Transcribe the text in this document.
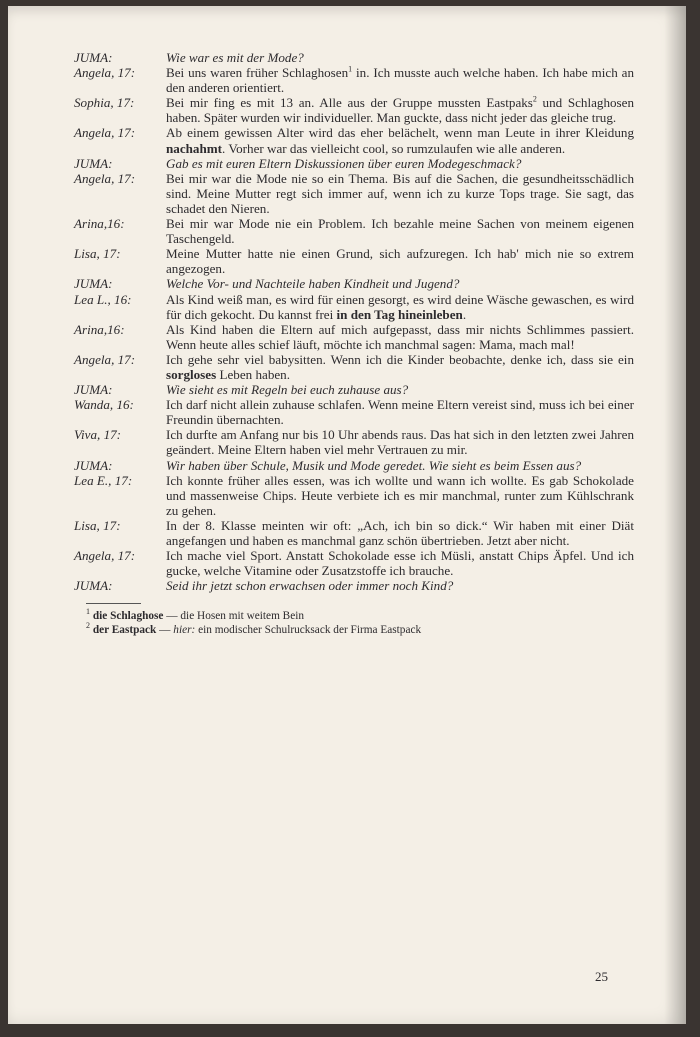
JUMA:	Wie war es mit der Mode?
Angela, 17:	Bei uns waren früher Schlaghosen$^1$ in. Ich musste auch welche haben. Ich habe mich an den anderen orientiert.
Sophia, 17:	Bei mir fing es mit 13 an. Alle aus der Gruppe mussten Eastpaks$^2$ und Schlaghosen haben. Später wurden wir individueller. Man guckte, dass nicht jeder das gleiche trug.
Angela, 17:	Ab einem gewissen Alter wird das eher belächelt, wenn man Leute in ihrer Kleidung nachahmt. Vorher war das vielleicht cool, so rumzulaufen wie alle anderen.
JUMA:	Gab es mit euren Eltern Diskussionen über euren Modegeschmack?
Angela, 17:	Bei mir war die Mode nie so ein Thema. Bis auf die Sachen, die gesundheitsschädlich sind. Meine Mutter regt sich immer auf, wenn ich zu kurze Tops trage. Sie sagt, das schadet den Nieren.
Arina,16:	Bei mir war Mode nie ein Problem. Ich bezahle meine Sachen von meinem eigenen Taschengeld.
Lisa, 17:	Meine Mutter hatte nie einen Grund, sich aufzuregen. Ich hab' mich nie so extrem angezogen.
JUMA:	Welche Vor- und Nachteile haben Kindheit und Jugend?
Lea L., 16:	Als Kind weiß man, es wird für einen gesorgt, es wird deine Wäsche gewaschen, es wird für dich gekocht. Du kannst frei in den Tag hineinleben.
Arina,16:	Als Kind haben die Eltern auf mich aufgepasst, dass mir nichts Schlimmes passiert. Wenn heute alles schief läuft, möchte ich manchmal sagen: Mama, mach mal!
Angela, 17:	Ich gehe sehr viel babysitten. Wenn ich die Kinder beobachte, denke ich, dass sie ein sorgloses Leben haben.
JUMA:	Wie sieht es mit Regeln bei euch zuhause aus?
Wanda, 16:	Ich darf nicht allein zuhause schlafen. Wenn meine Eltern vereist sind, muss ich bei einer Freundin übernachten.
Viva, 17:	Ich durfte am Anfang nur bis 10 Uhr abends raus. Das hat sich in den letzten zwei Jahren geändert. Meine Eltern haben viel mehr Vertrauen zu mir.
JUMA:	Wir haben über Schule, Musik und Mode geredet. Wie sieht es beim Essen aus?
Lea E., 17:	Ich konnte früher alles essen, was ich wollte und wann ich wollte. Es gab Schokolade und massenweise Chips. Heute verbiete ich es mir manchmal, runter zum Kühlschrank zu gehen.
Lisa, 17:	In der 8. Klasse meinten wir oft: „Ach, ich bin so dick.“ Wir haben mit einer Diät angefangen und haben es manchmal ganz schön übertrieben. Jetzt aber nicht.
Angela, 17:	Ich mache viel Sport. Anstatt Schokolade esse ich Müsli, anstatt Chips Äpfel. Und ich gucke, welche Vitamine oder Zusatzstoffe ich brauche.
JUMA:	Seid ihr jetzt schon erwachsen oder immer noch Kind?
$^1$ die Schlaghose — die Hosen mit weitem Bein
$^2$ der Eastpack — hier: ein modischer Schulrucksack der Firma Eastpack
25
